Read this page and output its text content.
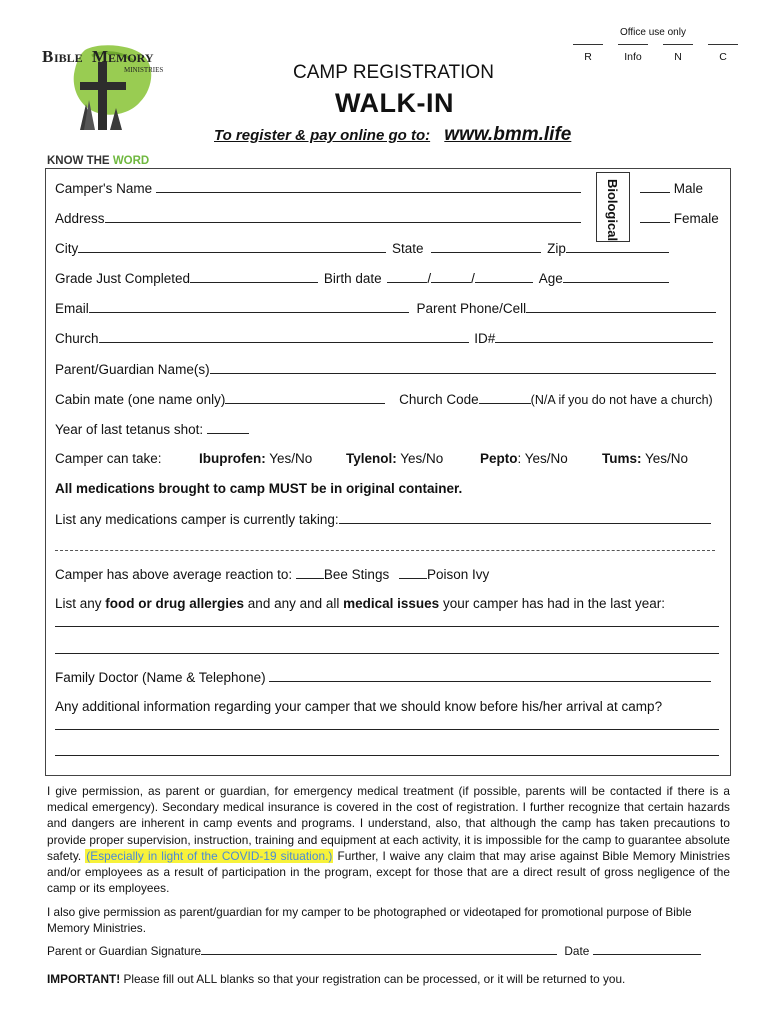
Office use only
R	Info	N	C
B IBLE M EMORY
MINISTRIES	CAMP REGISTRATION
WALK-IN
To register & pay online go to: www.bmm.life
KNOW THE WORD
Biological
Camper's Name	Male
Address	Female
City	State	Zip
Grade Just Completed	Birth date	/	/	Age
Email	Parent Phone/Cell
Church	ID#
Parent/Guardian Name(s)
Cabin mate (one name only)	Church Code	(N/A if you do not have a church)
Year of last tetanus shot:
Camper can take:	Ibuprofen: Yes/No Tylenol: Yes/No	Pepto: Yes/No	Tums: Yes/No
All medications brought to camp MUST be in original container.
List any medications camper is currently taking:
Camper has above average reaction to: Bee Stings	Poison Ivy
List any food or drug allergies and any and all medical issues your camper has had in the last year:
Family Doctor (Name & Telephone)
Any additional information regarding your camper that we should know before his/her arrival at camp?
I give permission, as parent or guardian, for emergency medical treatment (if possible, parents will be contacted if there is a medical emergency). Secondary medical insurance is covered in the cost of registration. I further recognize that certain hazards and dangers are inherent in camp events and programs. I understand, also, that although the camp has taken precautions to provide proper supervision, instruction, training and equipment at each activity, it is impossible for the camp to guarantee absolute safety. (Especially in light of the COVID-19 situation.) Further, I waive any claim that may arise against Bible Memory Ministries and/or employees as a result of participation in the program, except for those that are a direct result of gross negligence of the camp or its employees.
I also give permission as parent/guardian for my camper to be photographed or videotaped for promotional purpose of Bible Memory Ministries.
Parent or Guardian Signature	Date
IMPORTANT! Please fill out ALL blanks so that your registration can be processed, or it will be returned to you.
